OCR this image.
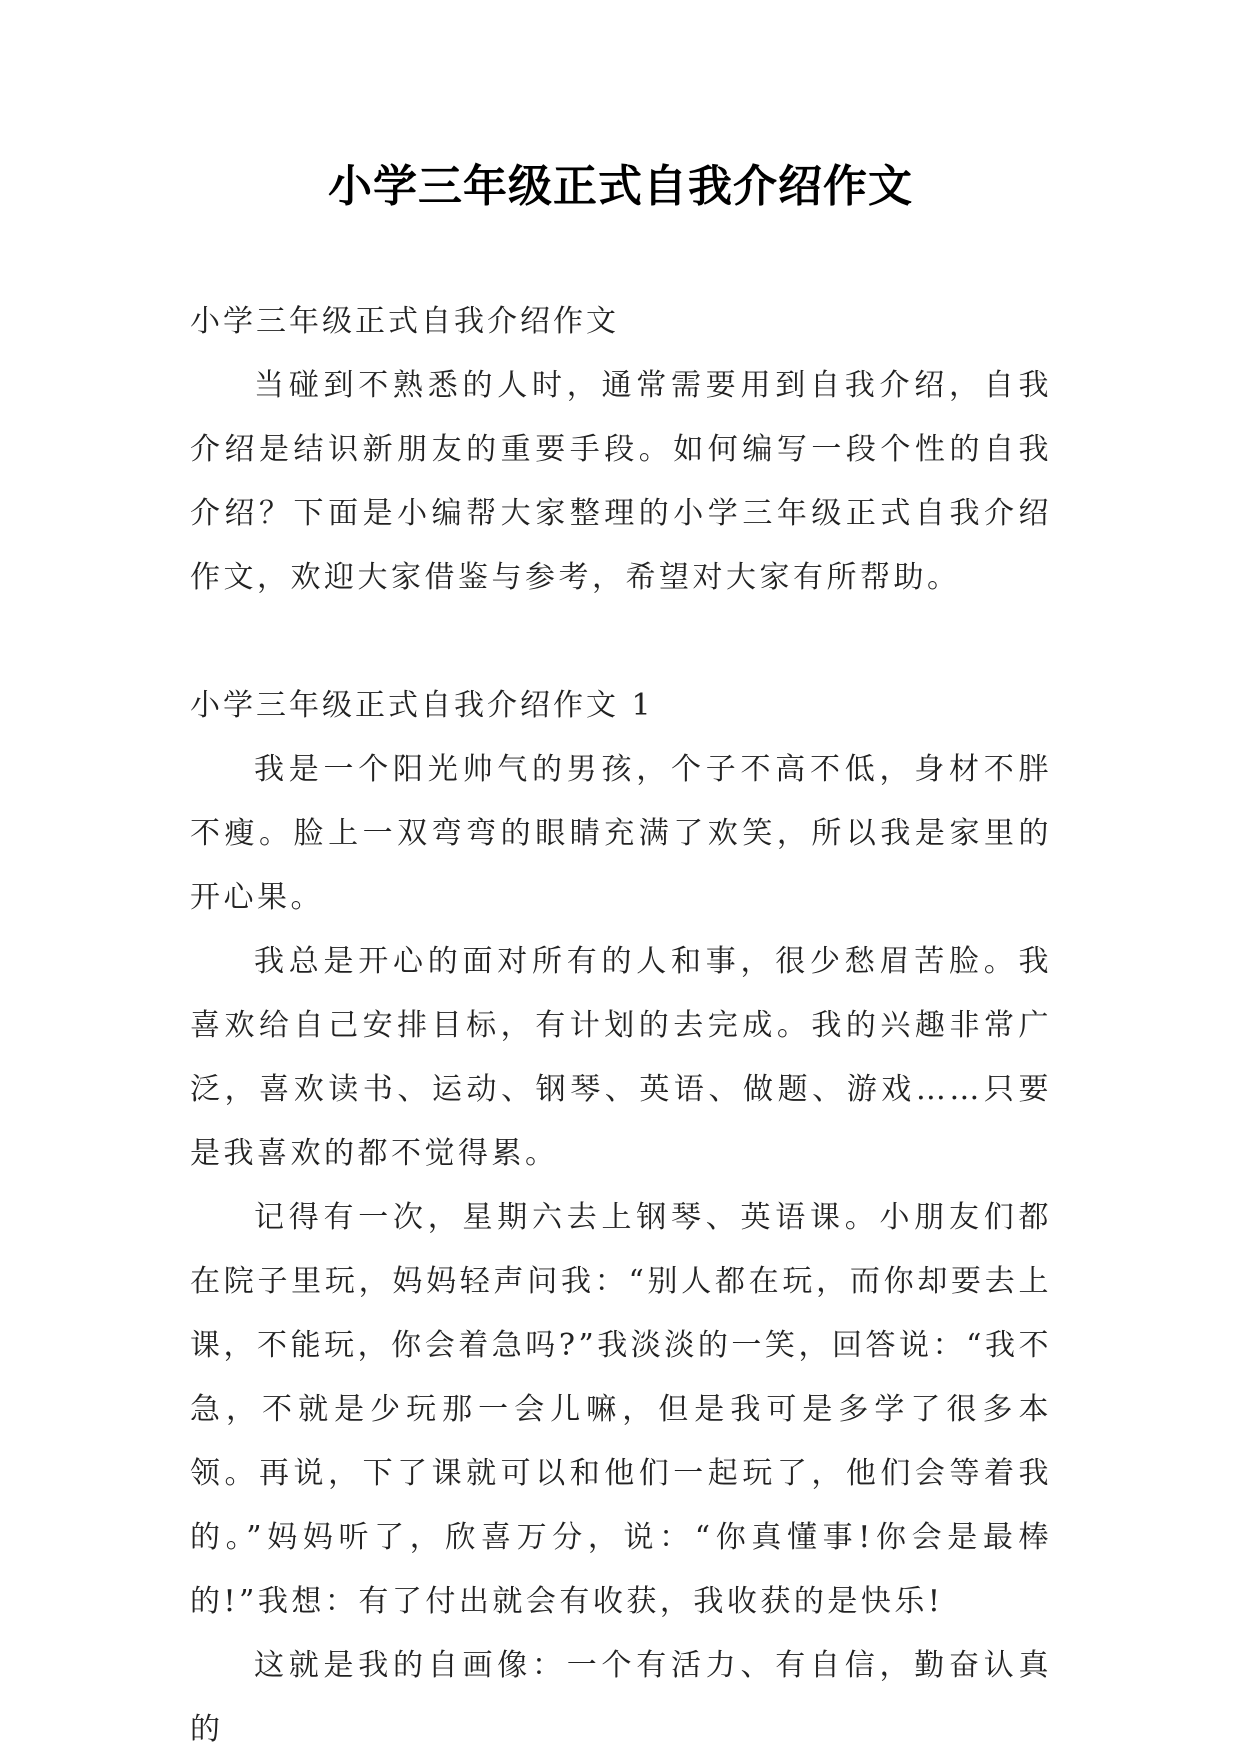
小学三年级正式自我介绍作文

小学三年级正式自我介绍作文

当碰到不熟悉的人时，通常需要用到自我介绍，自我介绍是结识新朋友的重要手段。如何编写一段个性的自我介绍？下面是小编帮大家整理的小学三年级正式自我介绍作文，欢迎大家借鉴与参考，希望对大家有所帮助。

小学三年级正式自我介绍作文 1

我是一个阳光帅气的男孩，个子不高不低，身材不胖不瘦。脸上一双弯弯的眼睛充满了欢笑，所以我是家里的开心果。

我总是开心的面对所有的人和事，很少愁眉苦脸。我喜欢给自己安排目标，有计划的去完成。我的兴趣非常广泛，喜欢读书、运动、钢琴、英语、做题、游戏……只要是我喜欢的都不觉得累。

记得有一次，星期六去上钢琴、英语课。小朋友们都在院子里玩，妈妈轻声问我：“别人都在玩，而你却要去上课，不能玩，你会着急吗?”我淡淡的一笑，回答说：“我不急，不就是少玩那一会儿嘛，但是我可是多学了很多本领。再说，下了课就可以和他们一起玩了，他们会等着我的。”妈妈听了，欣喜万分，说：“你真懂事!你会是最棒的!”我想：有了付出就会有收获，我收获的是快乐!

这就是我的自画像：一个有活力、有自信，勤奋认真的
